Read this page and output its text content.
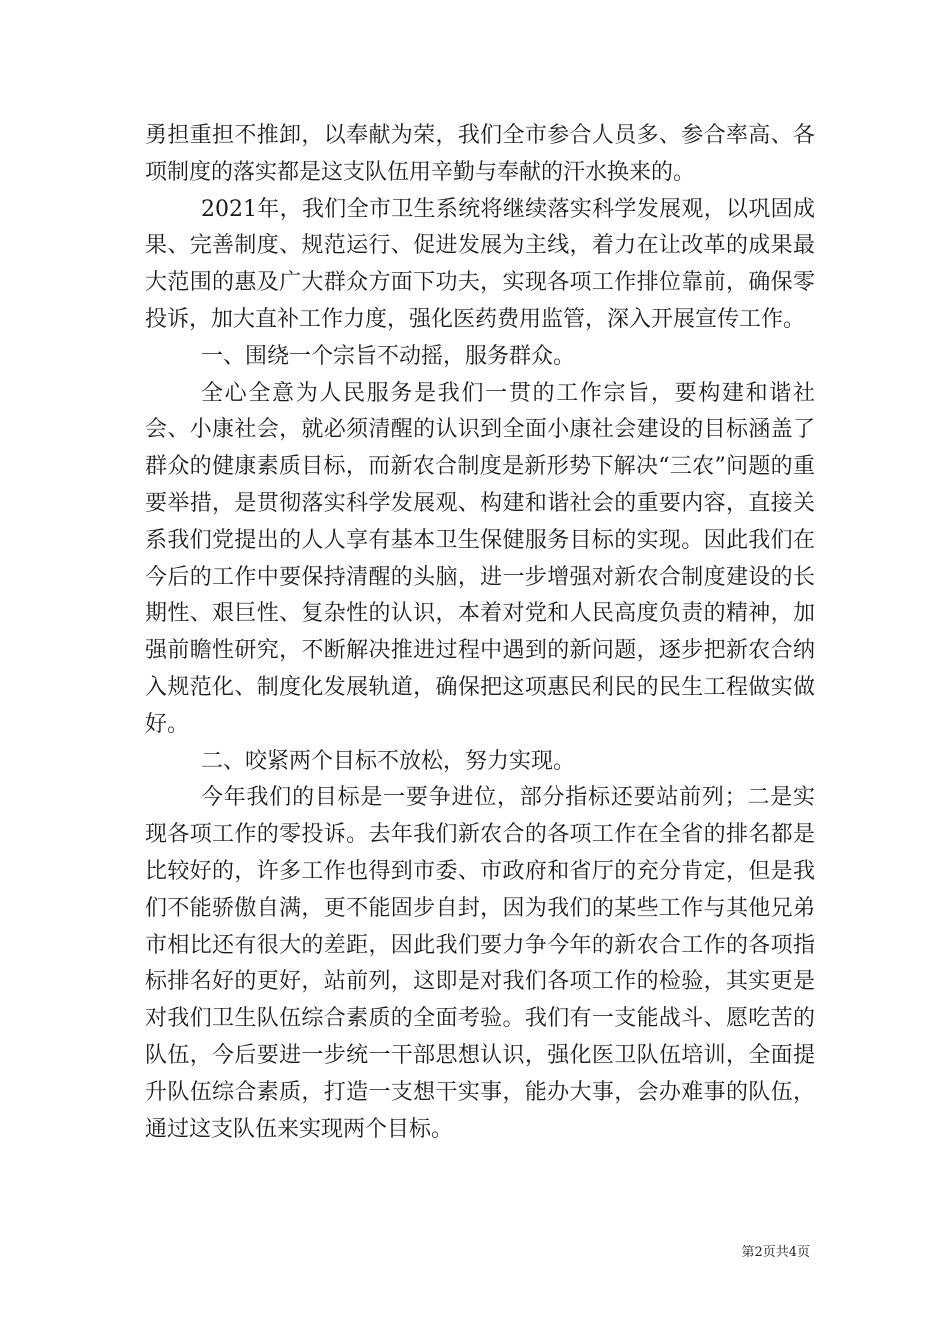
勇担重担不推卸，以奉献为荣，我们全市参合人员多、参合率高、各项制度的落实都是这支队伍用辛勤与奉献的汗水换来的。

2021年，我们全市卫生系统将继续落实科学发展观，以巩固成果、完善制度、规范运行、促进发展为主线，着力在让改革的成果最大范围的惠及广大群众方面下功夫，实现各项工作排位靠前，确保零投诉，加大直补工作力度，强化医药费用监管，深入开展宣传工作。

一、围绕一个宗旨不动摇，服务群众。

全心全意为人民服务是我们一贯的工作宗旨，要构建和谐社会、小康社会，就必须清醒的认识到全面小康社会建设的目标涵盖了群众的健康素质目标，而新农合制度是新形势下解决“三农”问题的重要举措，是贯彻落实科学发展观、构建和谐社会的重要内容，直接关系我们党提出的人人享有基本卫生保健服务目标的实现。因此我们在今后的工作中要保持清醒的头脑，进一步增强对新农合制度建设的长期性、艰巨性、复杂性的认识，本着对党和人民高度负责的精神，加强前瞻性研究，不断解决推进过程中遇到的新问题，逐步把新农合纳入规范化、制度化发展轨道，确保把这项惠民利民的民生工程做实做好。

二、咬紧两个目标不放松，努力实现。

今年我们的目标是一要争进位，部分指标还要站前列；二是实现各项工作的零投诉。去年我们新农合的各项工作在全省的排名都是比较好的，许多工作也得到市委、市政府和省厅的充分肯定，但是我们不能骄傲自满，更不能固步自封，因为我们的某些工作与其他兄弟市相比还有很大的差距，因此我们要力争今年的新农合工作的各项指标排名好的更好，站前列，这即是对我们各项工作的检验，其实更是对我们卫生队伍综合素质的全面考验。我们有一支能战斗、愿吃苦的队伍，今后要进一步统一干部思想认识，强化医卫队伍培训，全面提升队伍综合素质，打造一支想干实事，能办大事，会办难事的队伍，通过这支队伍来实现两个目标。

第2页共4页
